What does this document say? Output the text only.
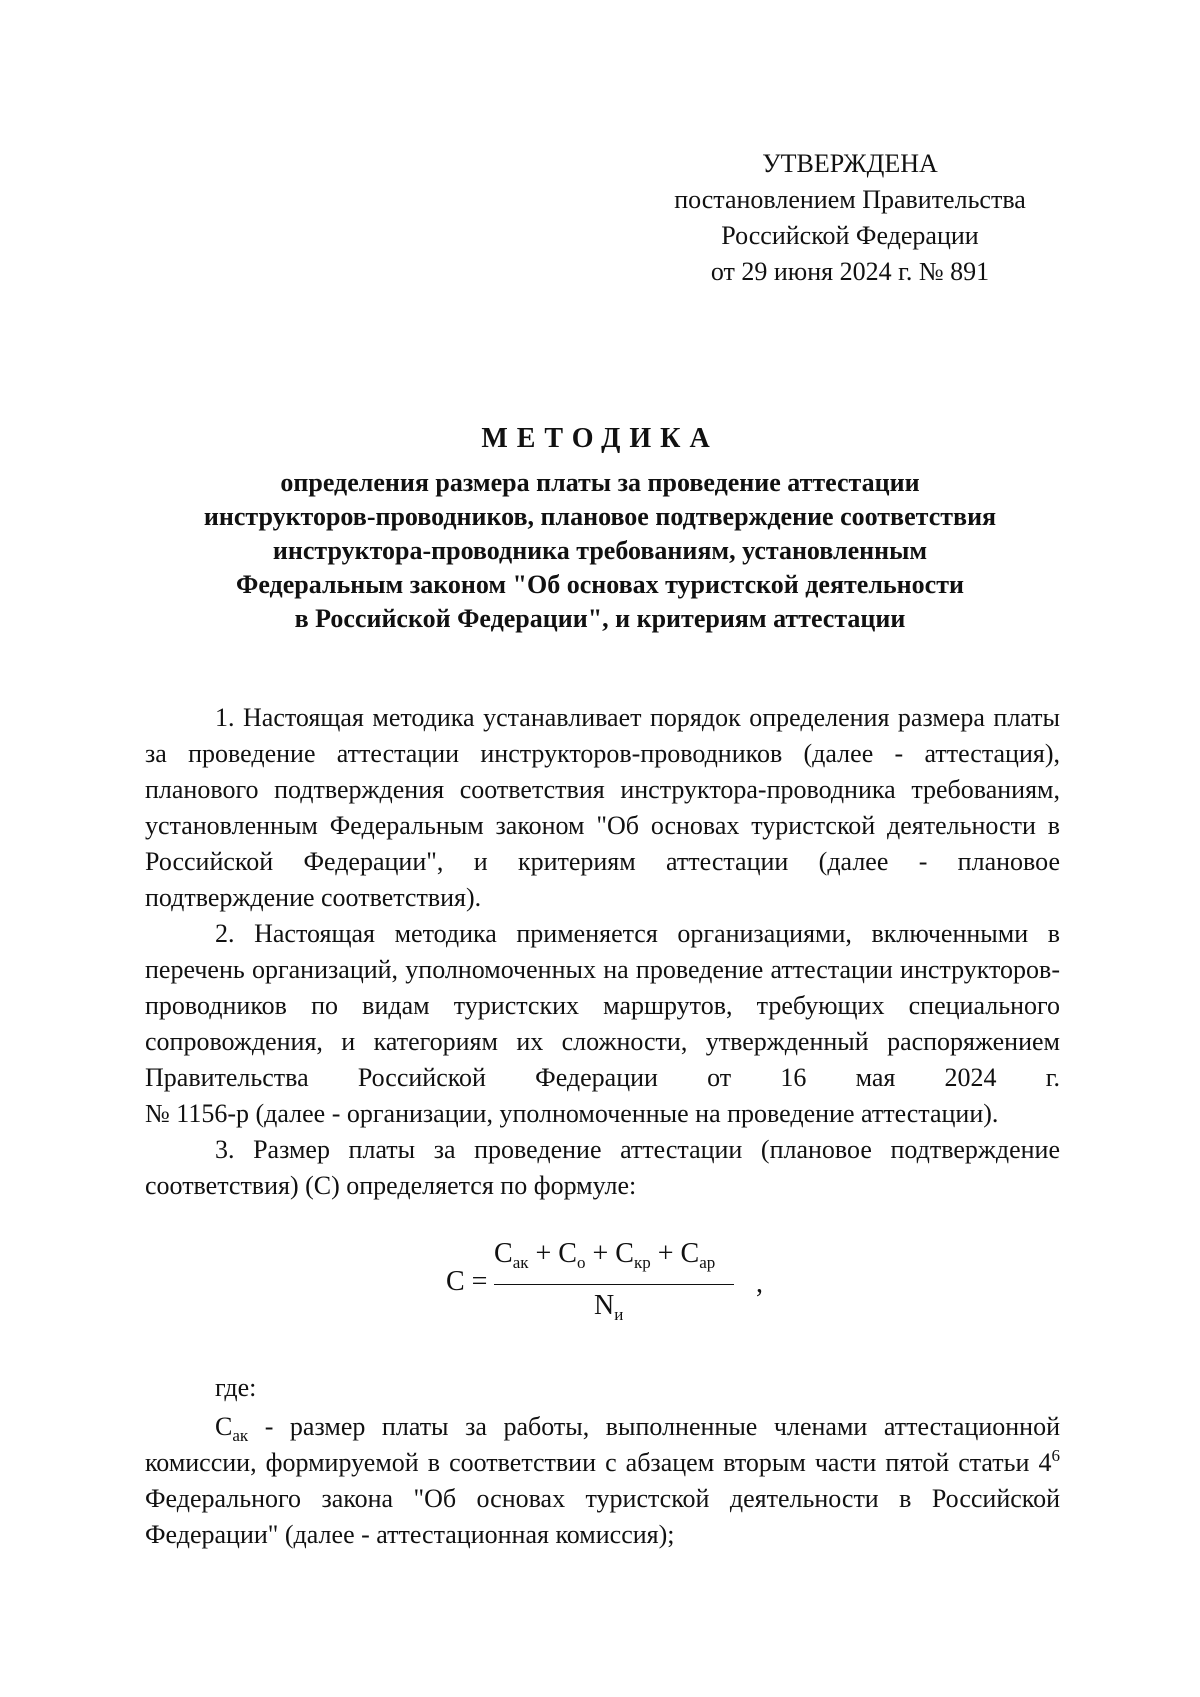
УТВЕРЖДЕНА
постановлением Правительства
Российской Федерации
от 29 июня 2024 г. № 891
МЕТОДИКА
определения размера платы за проведение аттестации
инструкторов-проводников, плановое подтверждение соответствия
инструктора-проводника требованиям, установленным
Федеральным законом "Об основах туристской деятельности
в Российской Федерации", и критериям аттестации

1. Настоящая методика устанавливает порядок определения размера платы за проведение аттестации инструкторов-проводников (далее - аттестация), планового подтверждения соответствия инструктора-проводника требованиям, установленным Федеральным законом "Об основах туристской деятельности в Российской Федерации", и критериям аттестации (далее - плановое подтверждение соответствия).

2. Настоящая методика применяется организациями, включенными в перечень организаций, уполномоченных на проведение аттестации инструкторов-проводников по видам туристских маршрутов, требующих специального сопровождения, и категориям их сложности, утвержденный распоряжением Правительства Российской Федерации от 16 мая 2024 г.

№ 1156-р (далее - организации, уполномоченные на проведение аттестации).

3. Размер платы за проведение аттестации (плановое подтверждение соответствия) (С) определяется по формуле:

С =
$С_{ак} + С_о + С_{кр} + С_{ар}$
$N_и$
,
где:

$С_{ак}$ - размер платы за работы, выполненные членами аттестационной комиссии, формируемой в соответствии с абзацем вторым части пятой статьи $4^6$ Федерального закона "Об основах туристской деятельности в Российской Федерации" (далее - аттестационная комиссия);
